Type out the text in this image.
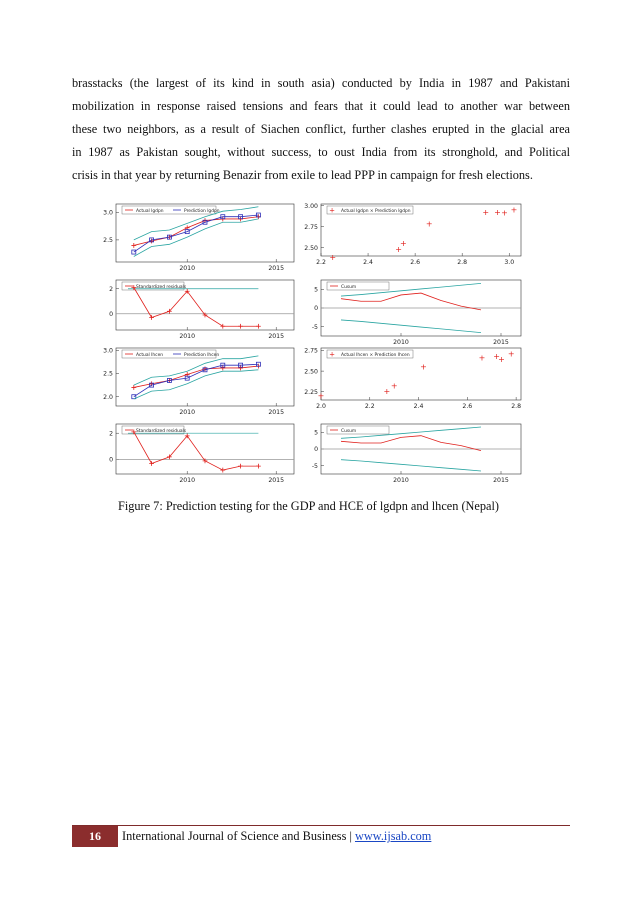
brasstacks (the largest of its kind in south asia) conducted by India in 1987 and Pakistani
mobilization in response raised tensions and fears that it could lead to another war between
these two neighbors, as a result of Siachen conflict, further clashes erupted in the glacial area
in 1987 as Pakistan sought, without success, to oust India from its stronghold, and Political
crisis in that year by returning Benazir from exile to lead PPP in campaign for fresh elections.

2010	2015
2.5
3.0	Actual lgdpn	Prediction lgdpn
2.2	2.4	2.6	2.8	3.0
2.50
2.75
3.00
+ Actual lgdpn × Prediction lgdpn
+
+
+
+
+ + + +
2010	2015
0
2	Standardized residuals
2010	2015
-5
0
5	Cusum
2010	2015
2.0
2.5
3.0
Actual lhcen	Prediction lhcen
2.0	2.2	2.4	2.6	2.8
2.25
2.50
2.75 + Actual lhcen × Prediction lhcen
+	+
+
+
+ +
+
+
2010	2015
0
2	Standardized residuals
2010	2015
-5
0
5	Cusum

Figure 7: Prediction testing for the GDP and HCE of lgdpn and lhcen (Nepal)

16	International Journal of Science and Business | www.ijsab.com
